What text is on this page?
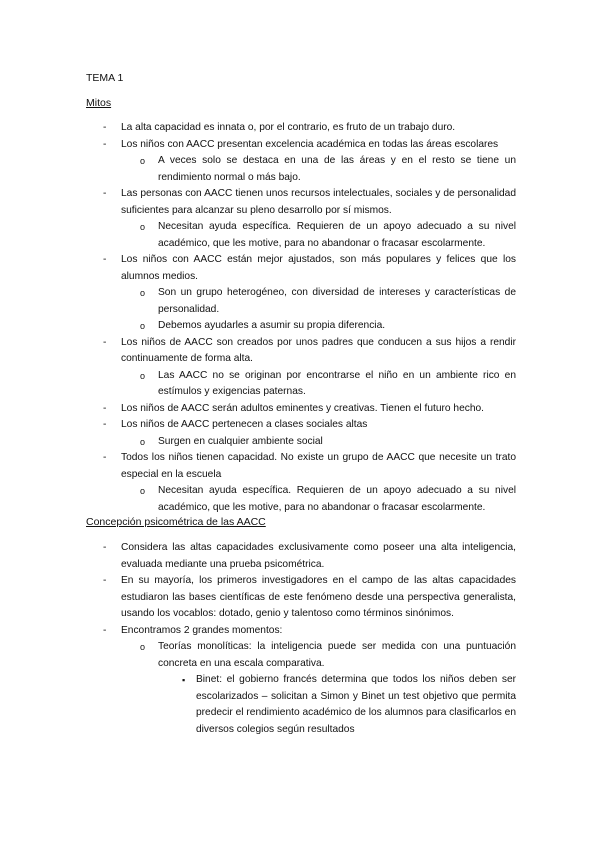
TEMA 1
Mitos
- La alta capacidad es innata o, por el contrario, es fruto de un trabajo duro.
- Los niños con AACC presentan excelencia académica en todas las áreas escolares
o A veces solo se destaca en una de las áreas y en el resto se tiene un rendimiento normal o más bajo.
- Las personas con AACC tienen unos recursos intelectuales, sociales y de personalidad suficientes para alcanzar su pleno desarrollo por sí mismos.
o Necesitan ayuda específica. Requieren de un apoyo adecuado a su nivel académico, que les motive, para no abandonar o fracasar escolarmente.
- Los niños con AACC están mejor ajustados, son más populares y felices que los alumnos medios.
o Son un grupo heterogéneo, con diversidad de intereses y características de personalidad.
o Debemos ayudarles a asumir su propia diferencia.
- Los niños de AACC son creados por unos padres que conducen a sus hijos a rendir continuamente de forma alta.
o Las AACC no se originan por encontrarse el niño en un ambiente rico en estímulos y exigencias paternas.
- Los niños de AACC serán adultos eminentes y creativas. Tienen el futuro hecho.
- Los niños de AACC pertenecen a clases sociales altas
o Surgen en cualquier ambiente social
- Todos los niños tienen capacidad. No existe un grupo de AACC que necesite un trato especial en la escuela
o Necesitan ayuda específica. Requieren de un apoyo adecuado a su nivel académico, que les motive, para no abandonar o fracasar escolarmente.
Concepción psicométrica de las AACC
- Considera las altas capacidades exclusivamente como poseer una alta inteligencia, evaluada mediante una prueba psicométrica.
- En su mayoría, los primeros investigadores en el campo de las altas capacidades estudiaron las bases científicas de este fenómeno desde una perspectiva generalista, usando los vocablos: dotado, genio y talentoso como términos sinónimos.
- Encontramos 2 grandes momentos:
o Teorías monolíticas: la inteligencia puede ser medida con una puntuación concreta en una escala comparativa.
▪ Binet: el gobierno francés determina que todos los niños deben ser escolarizados – solicitan a Simon y Binet un test objetivo que permita predecir el rendimiento académico de los alumnos para clasificarlos en diversos colegios según resultados
